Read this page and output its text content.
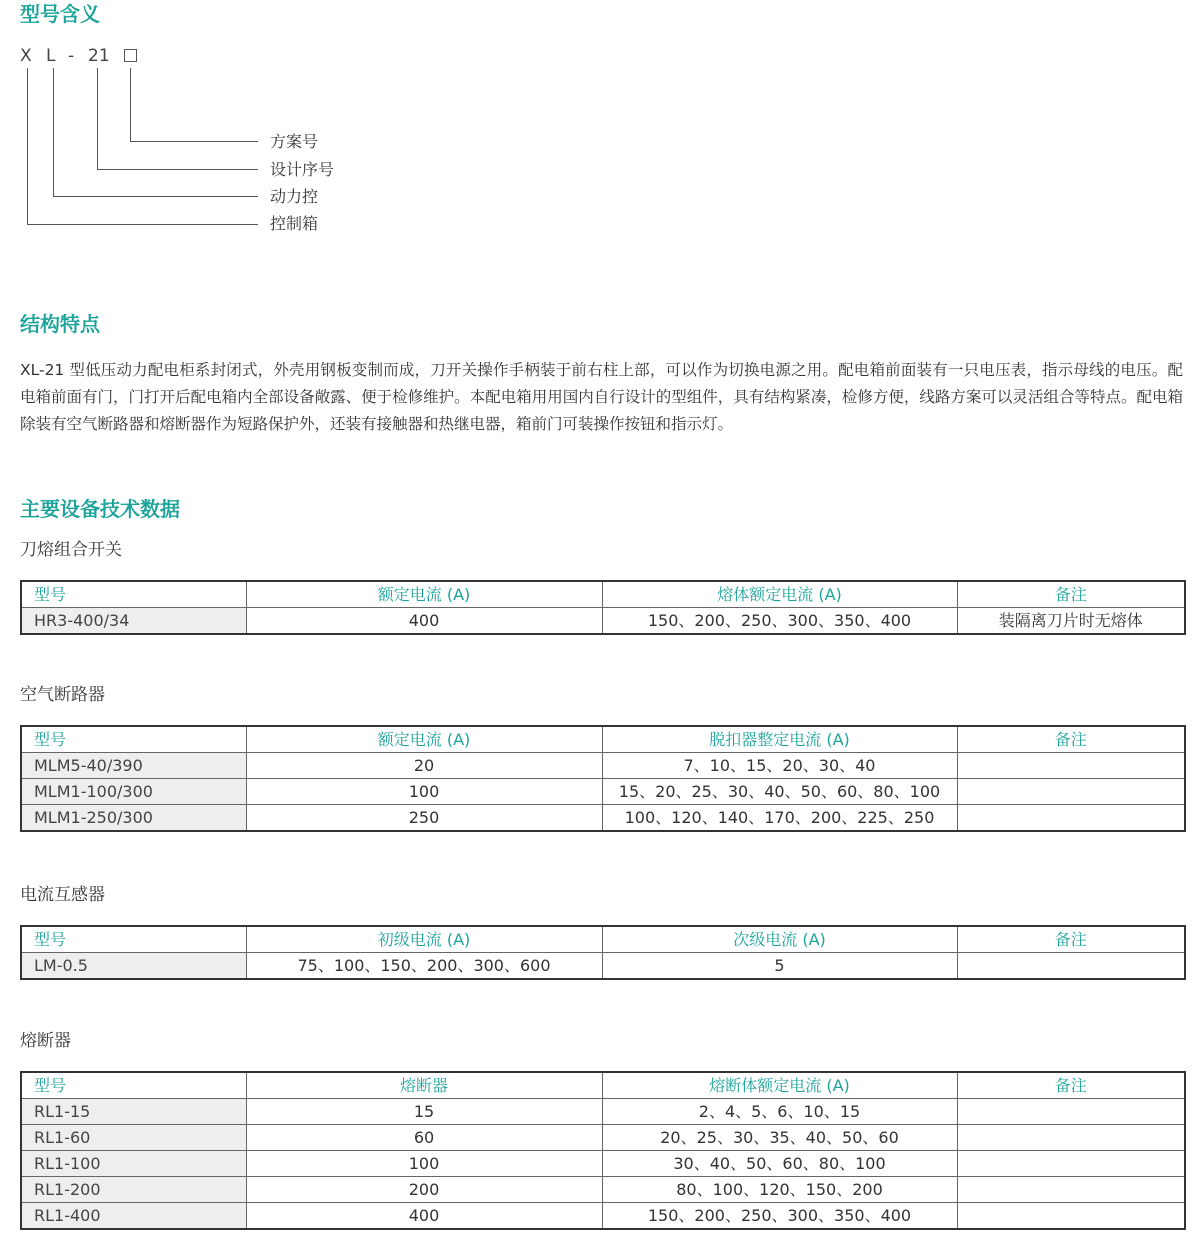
型号含义
X L - 21
方案号
设计序号
动力控
控制箱
结构特点

XL-21 型低压动力配电柜系封闭式，外壳用钢板变制而成，刀开关操作手柄装于前右柱上部，可以作为切换电源之用。配电箱前面装有一只电压表，指示母线的电压。配电箱前面有门，门打开后配电箱内全部设备敞露、便于检修维护。本配电箱用用国内自行设计的型组件，具有结构紧凑，检修方便，线路方案可以灵活组合等特点。配电箱除装有空气断路器和熔断器作为短路保护外，还装有接触器和热继电器，箱前门可装操作按钮和指示灯。

主要设备技术数据
刀熔组合开关
型号	额定电流 (A)	熔体额定电流 (A)	备注
HR3-400/34	400	150、200、250、300、350、400	装隔离刀片时无熔体
空气断路器
型号	额定电流 (A)	脱扣器整定电流 (A)	备注
MLM5-40/390	20	7、10、15、20、30、40	
MLM1-100/300	100	15、20、25、30、40、50、60、80、100	
MLM1-250/300	250	100、120、140、170、200、225、250	
电流互感器
型号	初级电流 (A)	次级电流 (A)	备注
LM-0.5	75、100、150、200、300、600	5	
熔断器
型号	熔断器	熔断体额定电流 (A)	备注
RL1-15	15	2、4、5、6、10、15	
RL1-60	60	20、25、30、35、40、50、60	
RL1-100	100	30、40、50、60、80、100	
RL1-200	200	80、100、120、150、200	
RL1-400	400	150、200、250、300、350、400	
